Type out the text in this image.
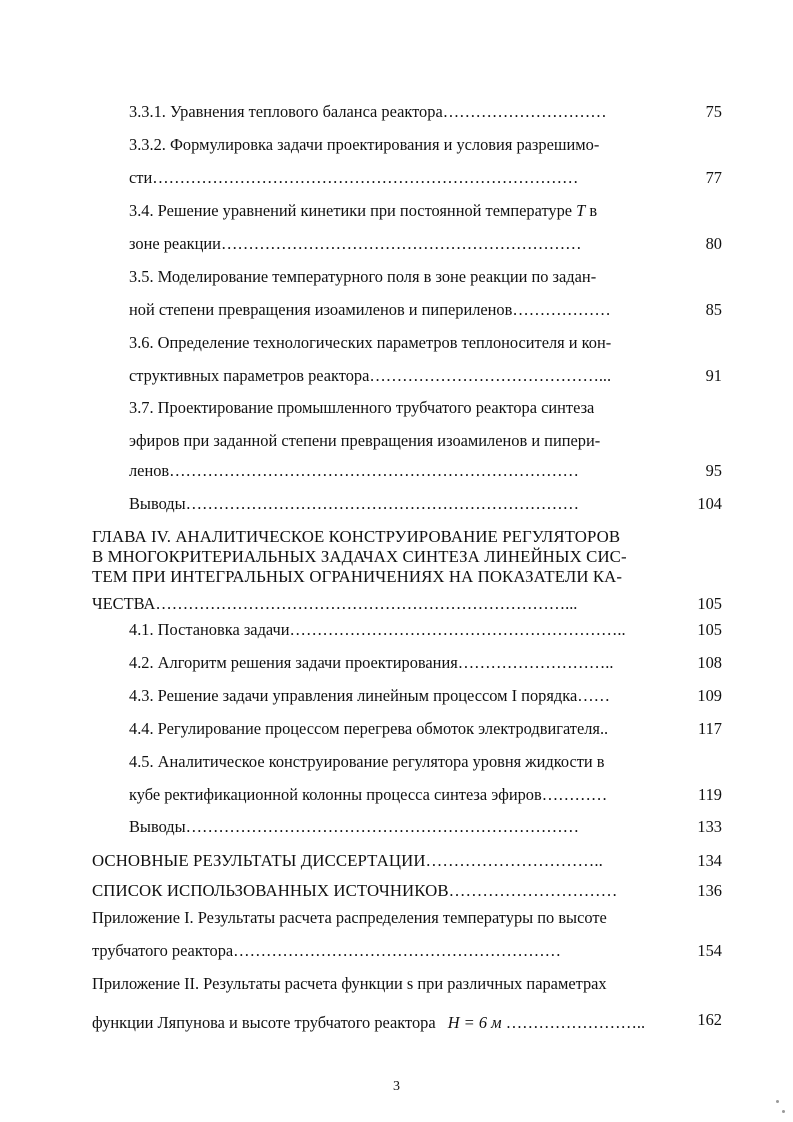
3.3.1. Уравнения теплового баланса реактора…………………………	75
3.3.2. Формулировка задачи проектирования и условия разрешимо-
сти……………………………………………………………………	77
3.4. Решение уравнений кинетики при постоянной температуре T в
зоне реакции…………………………………………………………	80
3.5. Моделирование температурного поля в зоне реакции по задан-
ной степени превращения изоамиленов и пипериленов………………	85
3.6. Определение технологических параметров теплоносителя и кон-
структивных параметров реактора……………………………………...	91
3.7. Проектирование промышленного трубчатого реактора синтеза
эфиров при заданной степени превращения изоамиленов и пипери-
ленов…………………………………………………………………	95
Выводы………………………………………………………………	104
ГЛАВА IV. АНАЛИТИЧЕСКОЕ КОНСТРУИРОВАНИЕ РЕГУЛЯТОРОВ
В МНОГОКРИТЕРИАЛЬНЫХ ЗАДАЧАХ СИНТЕЗА ЛИНЕЙНЫХ СИС-
ТЕМ ПРИ ИНТЕГРАЛЬНЫХ ОГРАНИЧЕНИЯХ НА ПОКАЗАТЕЛИ КА-
ЧЕСТВА…………………………………………………………………...	105
4.1. Постановка задачи……………………………………………………..	105
4.2. Алгоритм решения задачи проектирования………………………..	108
4.3. Решение задачи управления линейным процессом I порядка……	109
4.4. Регулирование процессом перегрева обмоток электродвигателя..	117
4.5. Аналитическое конструирование регулятора уровня жидкости в
кубе ректификационной колонны процесса синтеза эфиров…………	119
Выводы………………………………………………………………	133
ОСНОВНЫЕ РЕЗУЛЬТАТЫ ДИССЕРТАЦИИ…………………………..	134
СПИСОК ИСПОЛЬЗОВАННЫХ ИСТОЧНИКОВ…………………………	136
Приложение I. Результаты расчета распределения температуры по высоте
трубчатого реактора……………………………………………………	154
Приложение II. Результаты расчета функции s при различных параметрах
функции Ляпунова и высоте трубчатого реактора H = 6 м ……………………..	162
3
